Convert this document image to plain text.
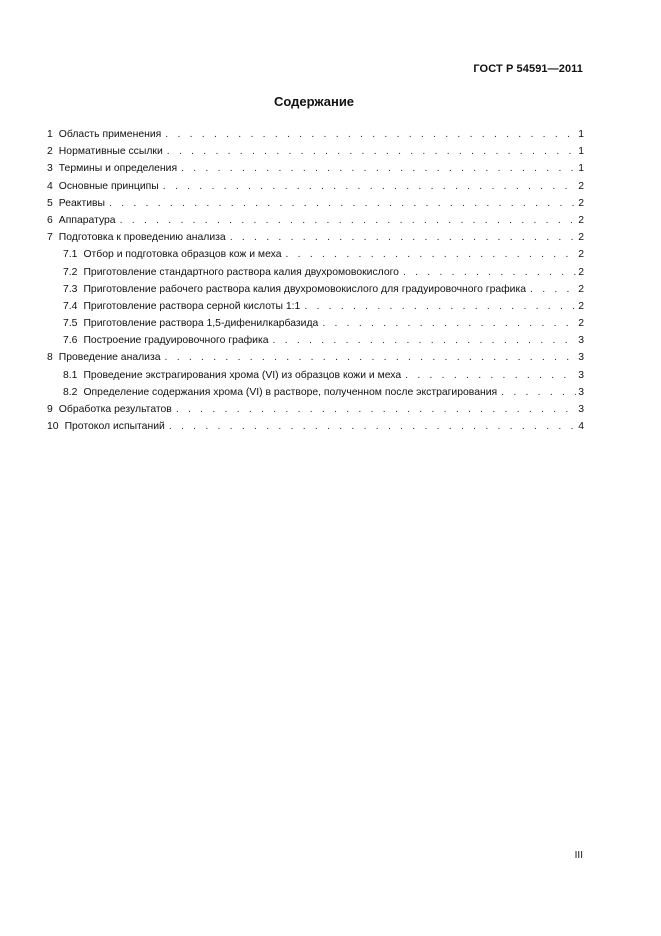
ГОСТ Р 54591—2011
Содержание
1 Область применения . . .	1
2 Нормативные ссылки . . .	1
3 Термины и определения . . .	1
4 Основные принципы . . .	2
5 Реактивы . . .	2
6 Аппаратура . . .	2
7 Подготовка к проведению анализа . . .	2
7.1 Отбор и подготовка образцов кож и меха . . .	2
7.2 Приготовление стандартного раствора калия двухромовокислого . . .	2
7.3 Приготовление рабочего раствора калия двухромовокислого для градуировочного графика . . .	2
7.4 Приготовление раствора серной кислоты 1:1 . . .	2
7.5 Приготовление раствора 1,5-дифенилкарбазида . . .	2
7.6 Построение градуировочного графика . . .	3
8 Проведение анализа . . .	3
8.1 Проведение экстрагирования хрома (VI) из образцов кожи и меха . . .	3
8.2 Определение содержания хрома (VI) в растворе, полученном после экстрагирования . . .	3
9 Обработка результатов . . .	3
10 Протокол испытаний . . .	4
III
